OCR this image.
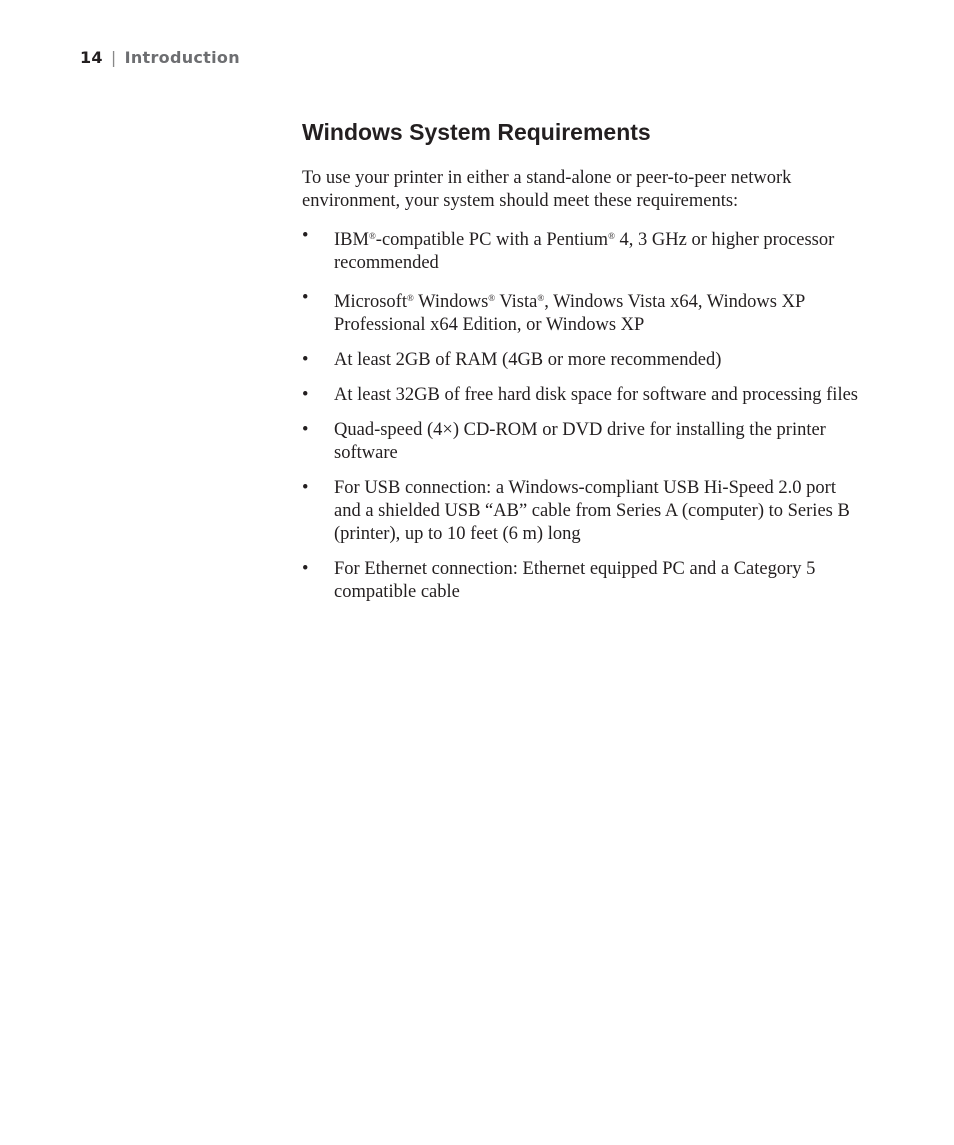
14 | Introduction
Windows System Requirements

To use your printer in either a stand-alone or peer-to-peer network environment, your system should meet these requirements:

• IBM®-compatible PC with a Pentium® 4, 3 GHz or higher processor recommended
• Microsoft® Windows® Vista®, Windows Vista x64, Windows XP Professional x64 Edition, or Windows XP
• At least 2GB of RAM (4GB or more recommended)
• At least 32GB of free hard disk space for software and processing files
• Quad-speed (4×) CD-ROM or DVD drive for installing the printer software
• For USB connection: a Windows-compliant USB Hi-Speed 2.0 port and a shielded USB “AB” cable from Series A (computer) to Series B (printer), up to 10 feet (6 m) long
• For Ethernet connection: Ethernet equipped PC and a Category 5 compatible cable
